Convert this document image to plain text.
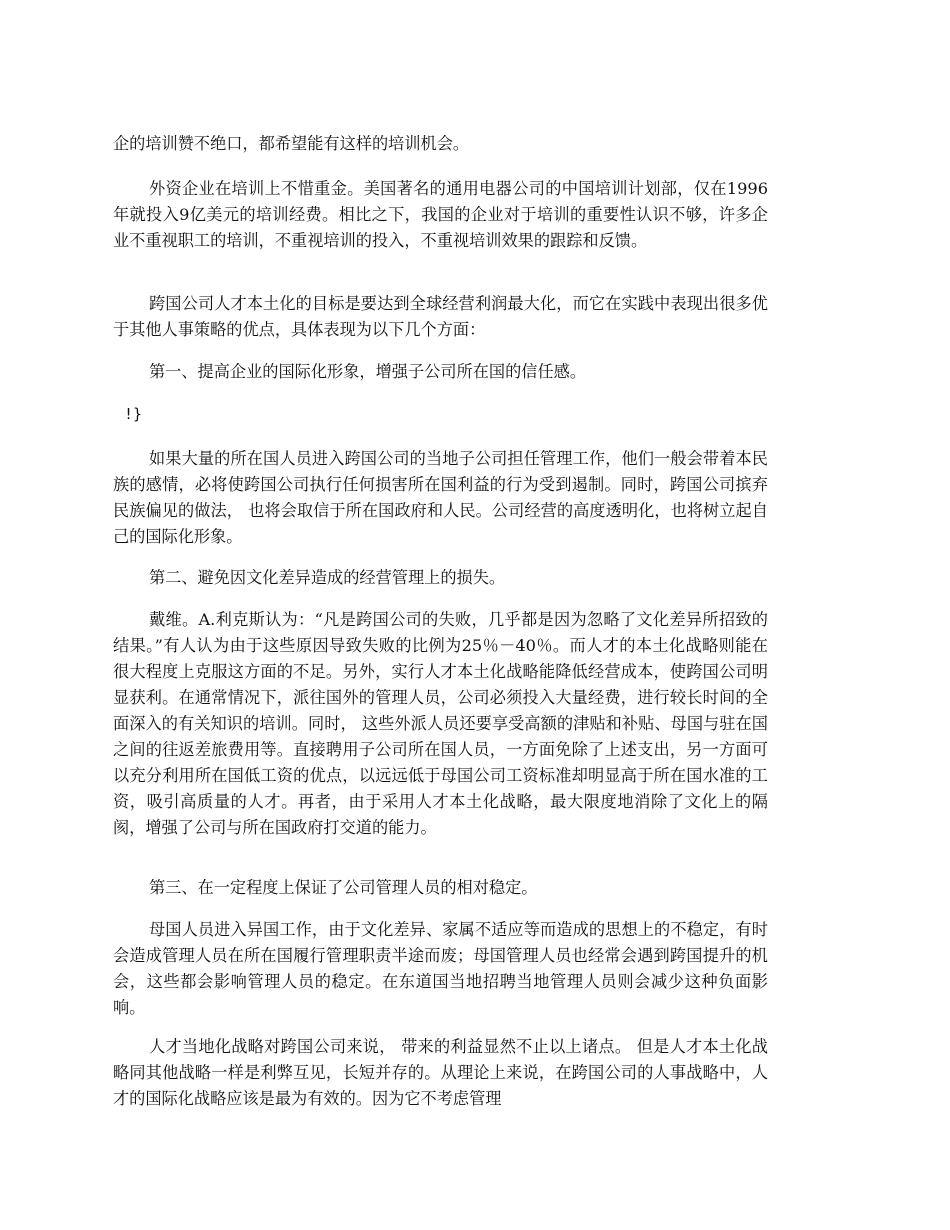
企的培训赞不绝口，都希望能有这样的培训机会。

外资企业在培训上不惜重金。美国著名的通用电器公司的中国培训计划部，仅在1996年就投入9亿美元的培训经费。相比之下，我国的企业对于培训的重要性认识不够，许多企业不重视职工的培训，不重视培训的投入，不重视培训效果的跟踪和反馈。

跨国公司人才本土化的目标是要达到全球经营利润最大化，而它在实践中表现出很多优于其他人事策略的优点，具体表现为以下几个方面：

第一、提高企业的国际化形象，增强子公司所在国的信任感。

!}

如果大量的所在国人员进入跨国公司的当地子公司担任管理工作，他们一般会带着本民族的感情，必将使跨国公司执行任何损害所在国利益的行为受到遏制。同时，跨国公司摈弃民族偏见的做法， 也将会取信于所在国政府和人民。公司经营的高度透明化，也将树立起自己的国际化形象。

第二、避免因文化差异造成的经营管理上的损失。

戴维。A.利克斯认为：“凡是跨国公司的失败，几乎都是因为忽略了文化差异所招致的结果。”有人认为由于这些原因导致失败的比例为25％－40％。而人才的本土化战略则能在很大程度上克服这方面的不足。另外，实行人才本土化战略能降低经营成本，使跨国公司明显获利。在通常情况下，派往国外的管理人员，公司必须投入大量经费，进行较长时间的全面深入的有关知识的培训。同时， 这些外派人员还要享受高额的津贴和补贴、母国与驻在国之间的往返差旅费用等。直接聘用子公司所在国人员，一方面免除了上述支出，另一方面可以充分利用所在国低工资的优点，以远远低于母国公司工资标准却明显高于所在国水准的工资，吸引高质量的人才。再者，由于采用人才本土化战略，最大限度地消除了文化上的隔阂，增强了公司与所在国政府打交道的能力。

第三、在一定程度上保证了公司管理人员的相对稳定。

母国人员进入异国工作，由于文化差异、家属不适应等而造成的思想上的不稳定，有时会造成管理人员在所在国履行管理职责半途而废；母国管理人员也经常会遇到跨国提升的机会，这些都会影响管理人员的稳定。在东道国当地招聘当地管理人员则会减少这种负面影响。

人才当地化战略对跨国公司来说， 带来的利益显然不止以上诸点。 但是人才本土化战略同其他战略一样是利弊互见，长短并存的。从理论上来说，在跨国公司的人事战略中，人才的国际化战略应该是最为有效的。因为它不考虑管理
